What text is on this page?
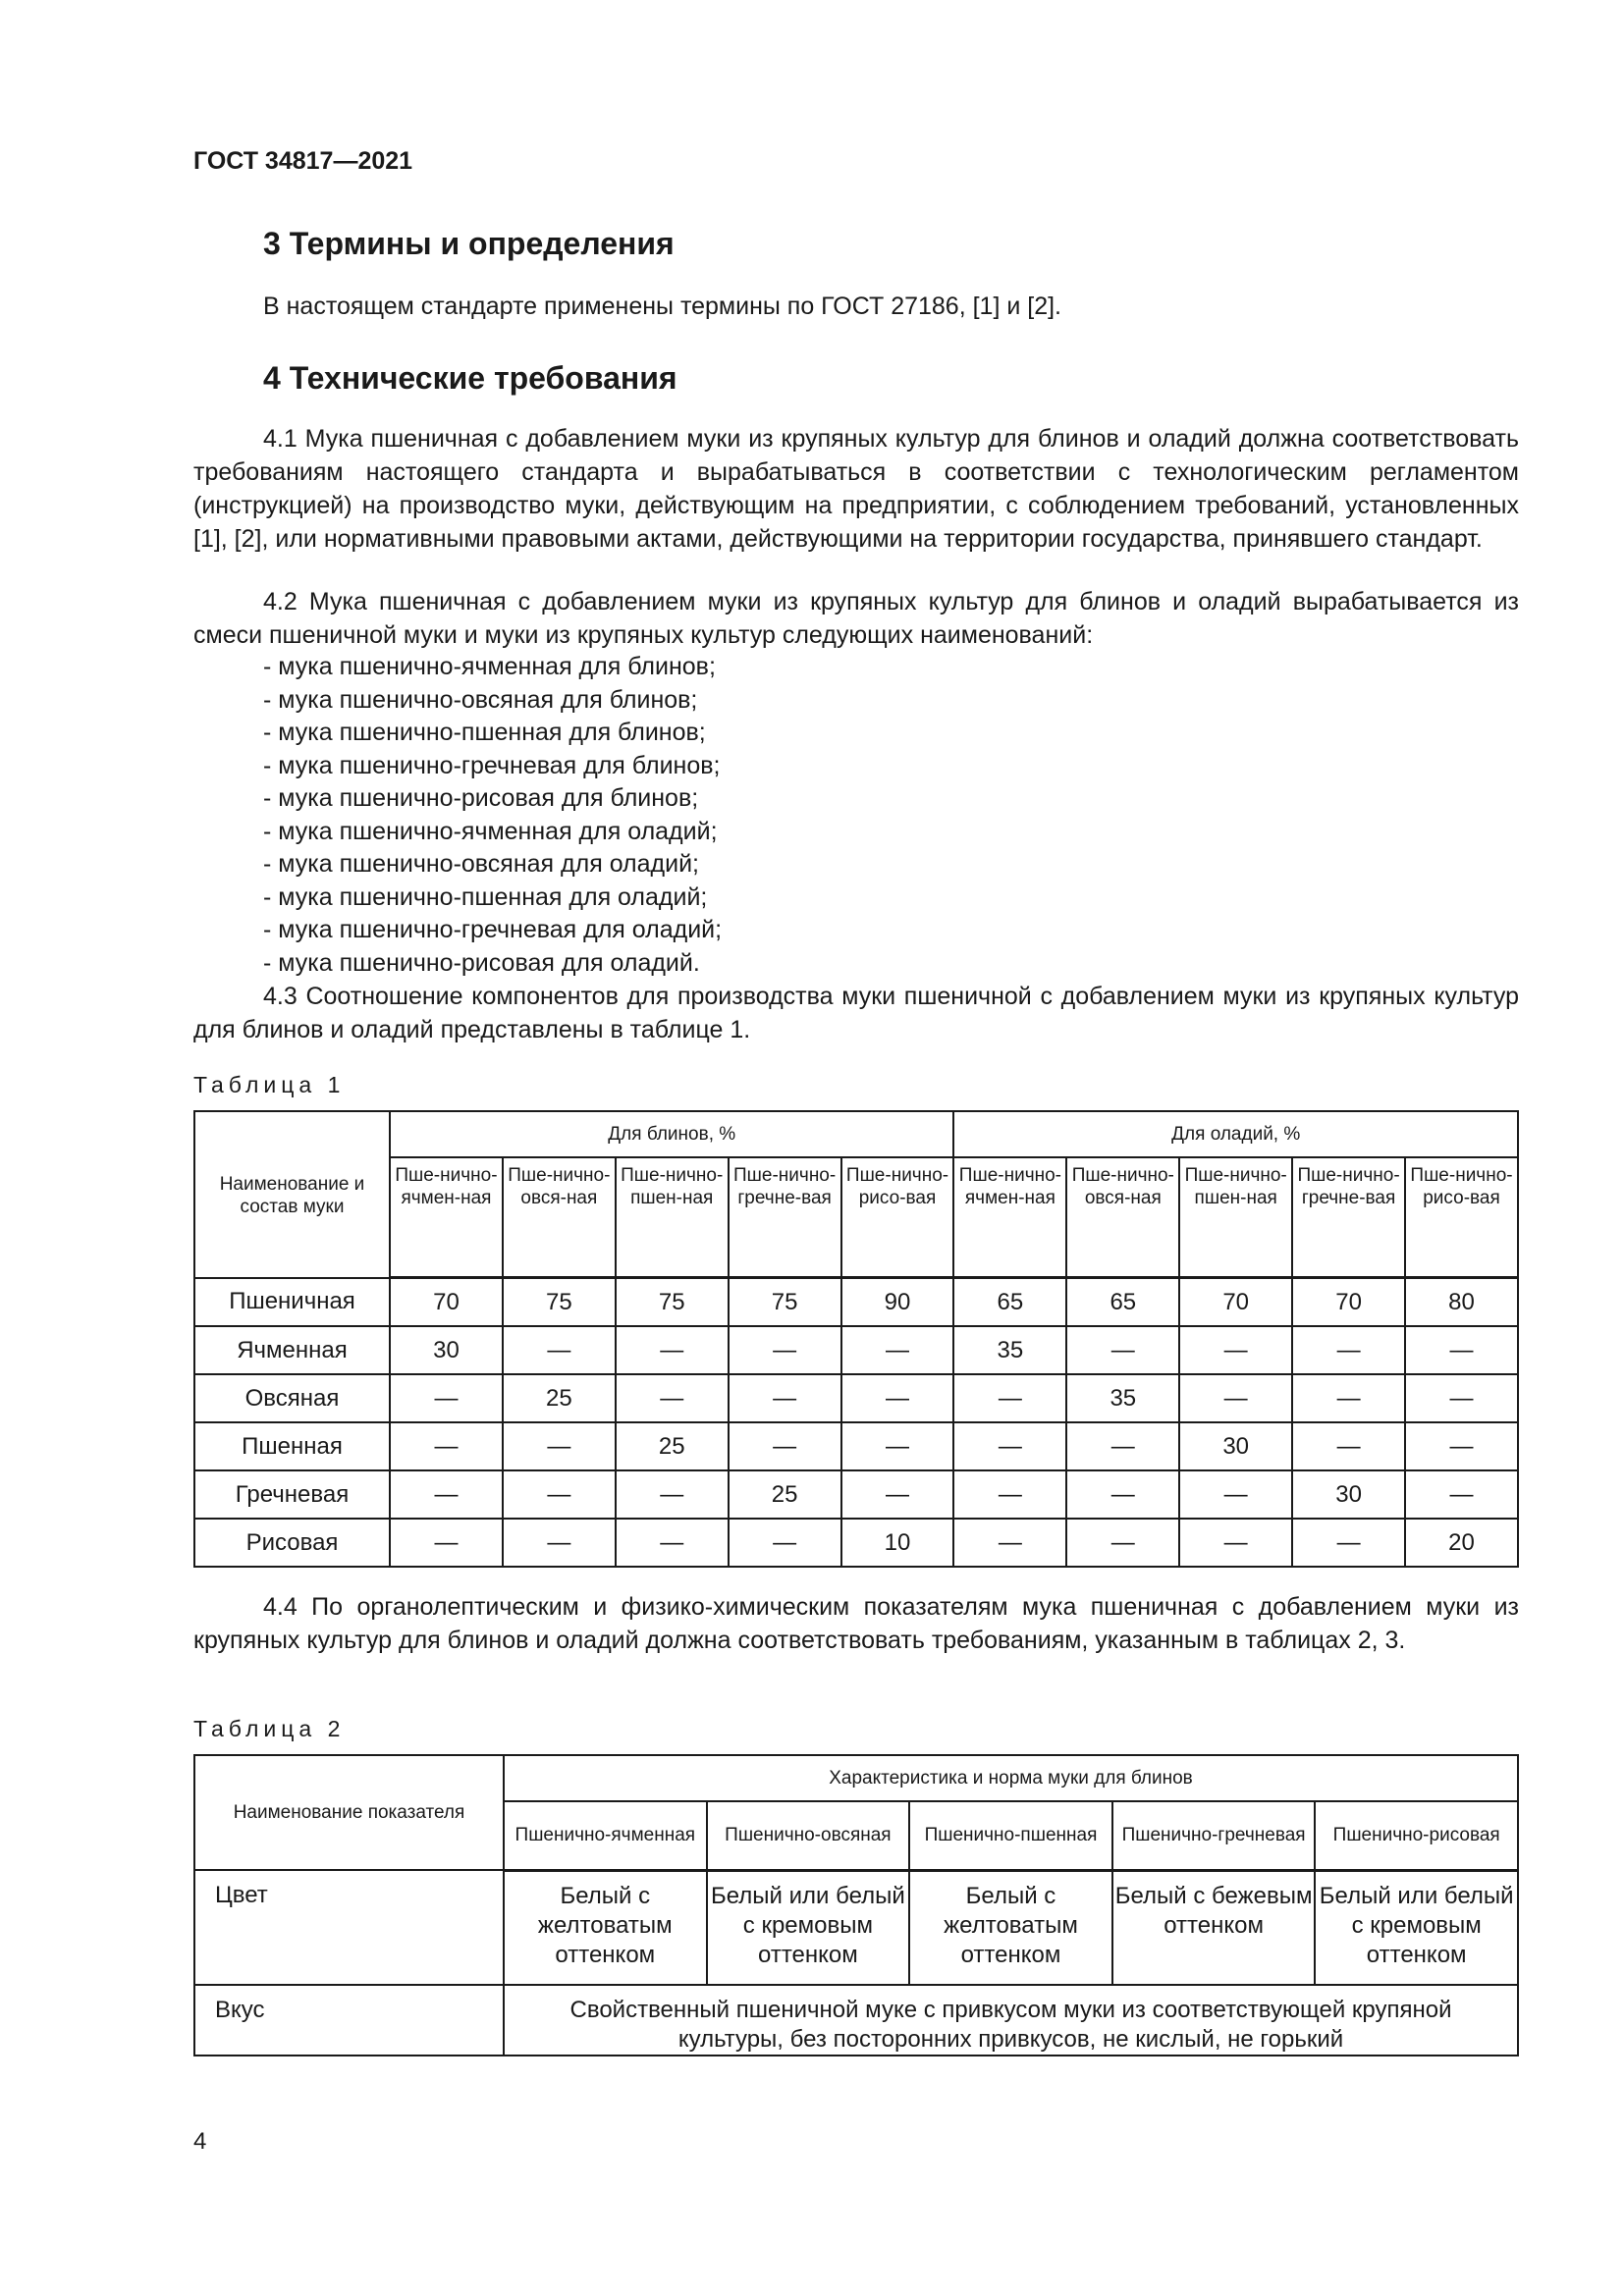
ГОСТ 34817—2021
3 Термины и определения

В настоящем стандарте применены термины по ГОСТ 27186, [1] и [2].

4 Технические требования

4.1 Мука пшеничная с добавлением муки из крупяных культур для блинов и оладий должна соответствовать требованиям настоящего стандарта и вырабатываться в соответствии с технологическим регламентом (инструкцией) на производство муки, действующим на предприятии, с соблюдением требований, установленных [1], [2], или нормативными правовыми актами, действующими на территории государства, принявшего стандарт.

4.2 Мука пшеничная с добавлением муки из крупяных культур для блинов и оладий вырабатывается из смеси пшеничной муки и муки из крупяных культур следующих наименований:

- мука пшенично-ячменная для блинов;
- мука пшенично-овсяная для блинов;
- мука пшенично-пшенная для блинов;
- мука пшенично-гречневая для блинов;
- мука пшенично-рисовая для блинов;
- мука пшенично-ячменная для оладий;
- мука пшенично-овсяная для оладий;
- мука пшенично-пшенная для оладий;
- мука пшенично-гречневая для оладий;
- мука пшенично-рисовая для оладий.

4.3 Соотношение компонентов для производства муки пшеничной с добавлением муки из крупяных культур для блинов и оладий представлены в таблице 1.

Таблица 1
Наименование и состав муки	Для блинов, %					Для оладий, %				
	Пше-нично-ячмен-ная	Пше-нично-овся-ная	Пше-нично-пшен-ная	Пше-нично-гречне-вая	Пше-нично-рисо-вая	Пше-нично-ячмен-ная	Пше-нично-овся-ная	Пше-нично-пшен-ная	Пше-нично-гречне-вая	Пше-нично-рисо-вая
Пшеничная	70	75	75	75	90	65	65	70	70	80
Ячменная	30	—	—	—	—	35	—	—	—	—
Овсяная	—	25	—	—	—	—	35	—	—	—
Пшенная	—	—	25	—	—	—	—	30	—	—
Гречневая	—	—	—	25	—	—	—	—	30	—
Рисовая	—	—	—	—	10	—	—	—	—	20

4.4 По органолептическим и физико-химическим показателям мука пшеничная с добавлением муки из крупяных культур для блинов и оладий должна соответствовать требованиям, указанным в таблицах 2, 3.

Таблица 2
Наименование показателя	Характеристика и норма муки для блинов				
	Пшенично-ячменная	Пшенично-овсяная	Пшенично-пшенная	Пшенично-гречневая	Пшенично-рисовая
Цвет	Белый с желтоватым оттенком	Белый или белый с кремовым оттенком	Белый с желтоватым оттенком	Белый с бежевым оттенком	Белый или белый с кремовым оттенком
Вкус	Свойственный пшеничной муке с привкусом муки из соответствующей крупяной культуры, без посторонних привкусов, не кислый, не горький				
4
